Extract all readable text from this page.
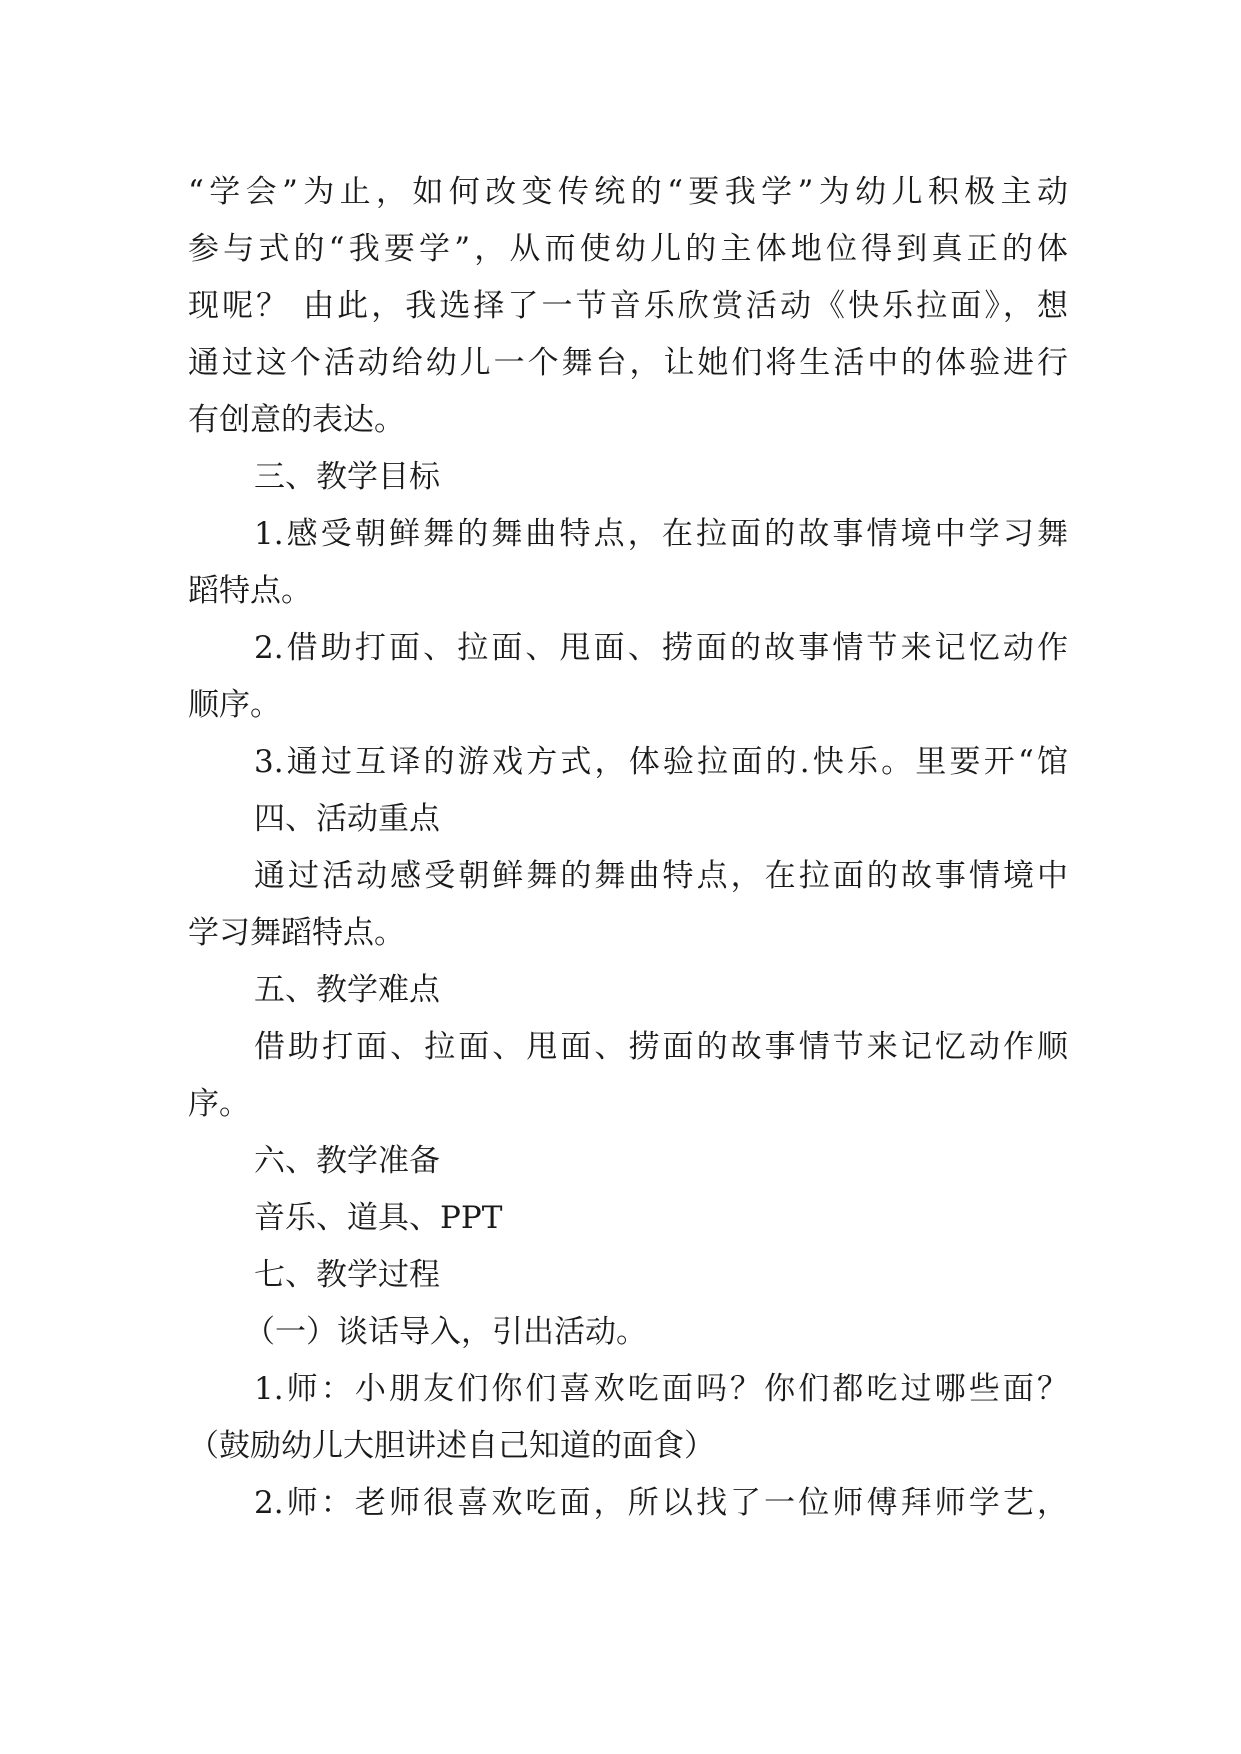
“学会”为止，如何改变传统的“要我学”为幼儿积极主动
参与式的“我要学”，从而使幼儿的主体地位得到真正的体
现呢？ 由此，我选择了一节音乐欣赏活动《快乐拉面》，想
通过这个活动给幼儿一个舞台，让她们将生活中的体验进行
有创意的表达。
三、教学目标
1.感受朝鲜舞的舞曲特点，在拉面的故事情境中学习舞
蹈特点。
2.借助打面、拉面、甩面、捞面的故事情节来记忆动作
顺序。
3.通过互译的游戏方式，体验拉面的.快乐。里要开“馆
四、活动重点
通过活动感受朝鲜舞的舞曲特点，在拉面的故事情境中
学习舞蹈特点。
五、教学难点
借助打面、拉面、甩面、捞面的故事情节来记忆动作顺
序。
六、教学准备
音乐、道具、PPT
七、教学过程
（一）谈话导入，引出活动。
1.师：小朋友们你们喜欢吃面吗？你们都吃过哪些面？
（鼓励幼儿大胆讲述自己知道的面食）
2.师：老师很喜欢吃面，所以找了一位师傅拜师学艺，
